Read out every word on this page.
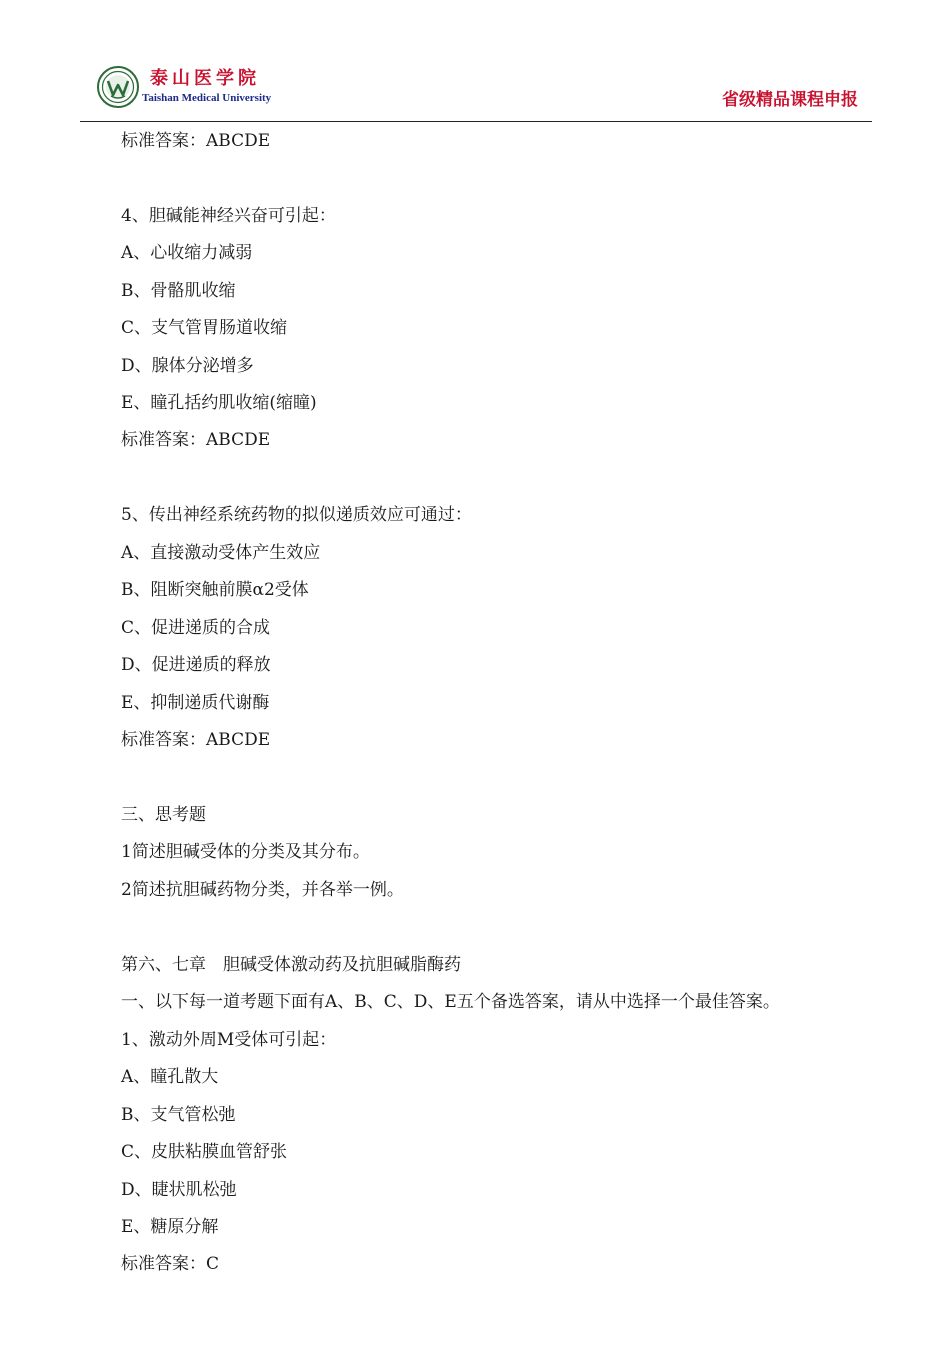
泰山医学院
Taishan Medical University	省级精品课程申报
标准答案：ABCDE
4、胆碱能神经兴奋可引起：
A、心收缩力减弱
B、骨骼肌收缩
C、支气管胃肠道收缩
D、腺体分泌增多
E、瞳孔括约肌收缩(缩瞳)
标准答案：ABCDE
5、传出神经系统药物的拟似递质效应可通过：
A、直接激动受体产生效应
B、阻断突触前膜α2受体
C、促进递质的合成
D、促进递质的释放
E、抑制递质代谢酶
标准答案：ABCDE
三、思考题
1简述胆碱受体的分类及其分布。
2简述抗胆碱药物分类，并各举一例。
第六、七章　胆碱受体激动药及抗胆碱脂酶药
一、以下每一道考题下面有A、B、C、D、E五个备选答案，请从中选择一个最佳答案。
1、激动外周M受体可引起：
A、瞳孔散大
B、支气管松弛
C、皮肤粘膜血管舒张
D、睫状肌松弛
E、糖原分解
标准答案：C
